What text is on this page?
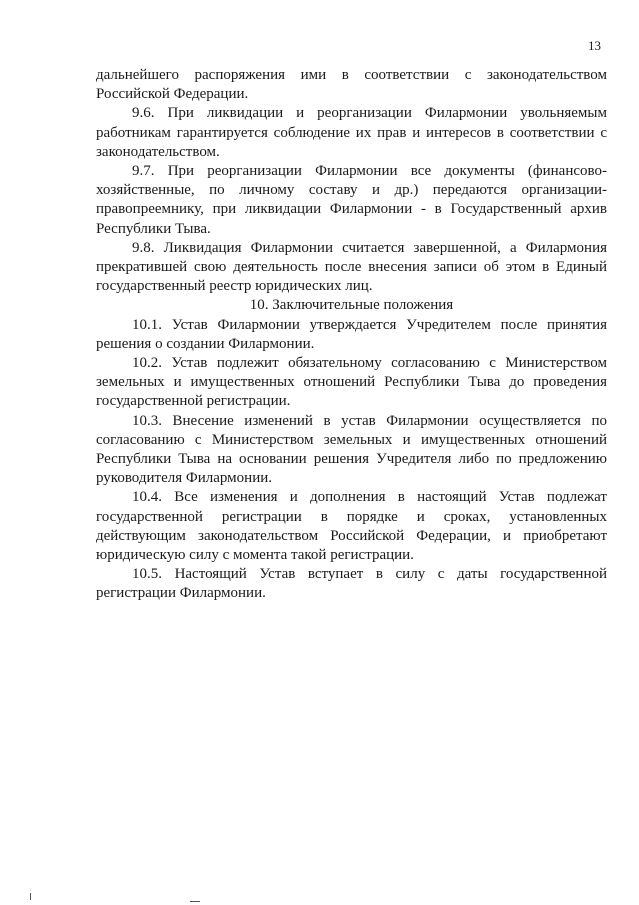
13

дальнейшего распоряжения ими в соответствии с законодательством Российской Федерации.

9.6. При ликвидации и реорганизации Филармонии увольняемым работникам гарантируется соблюдение их прав и интересов в соответствии с законодательством.

9.7. При реорганизации Филармонии все документы (финансово-хозяйственные, по личному составу и др.) передаются организации-правопреемнику, при ликвидации Филармонии - в Государственный архив Республики Тыва.

9.8. Ликвидация Филармонии считается завершенной, а Филармония прекратившей свою деятельность после внесения записи об этом в Единый государственный реестр юридических лиц.

10. Заключительные положения

10.1. Устав Филармонии утверждается Учредителем после принятия решения о создании Филармонии.

10.2. Устав подлежит обязательному согласованию с Министерством земельных и имущественных отношений Республики Тыва до проведения государственной регистрации.

10.3. Внесение изменений в устав Филармонии осуществляется по согласованию с Министерством земельных и имущественных отношений Республики Тыва на основании решения Учредителя либо по предложению руководителя Филармонии.

10.4. Все изменения и дополнения в настоящий Устав подлежат государственной регистрации в порядке и сроках, установленных действующим законодательством Российской Федерации, и приобретают юридическую силу с момента такой регистрации.

10.5. Настоящий Устав вступает в силу с даты государственной регистрации Филармонии.
